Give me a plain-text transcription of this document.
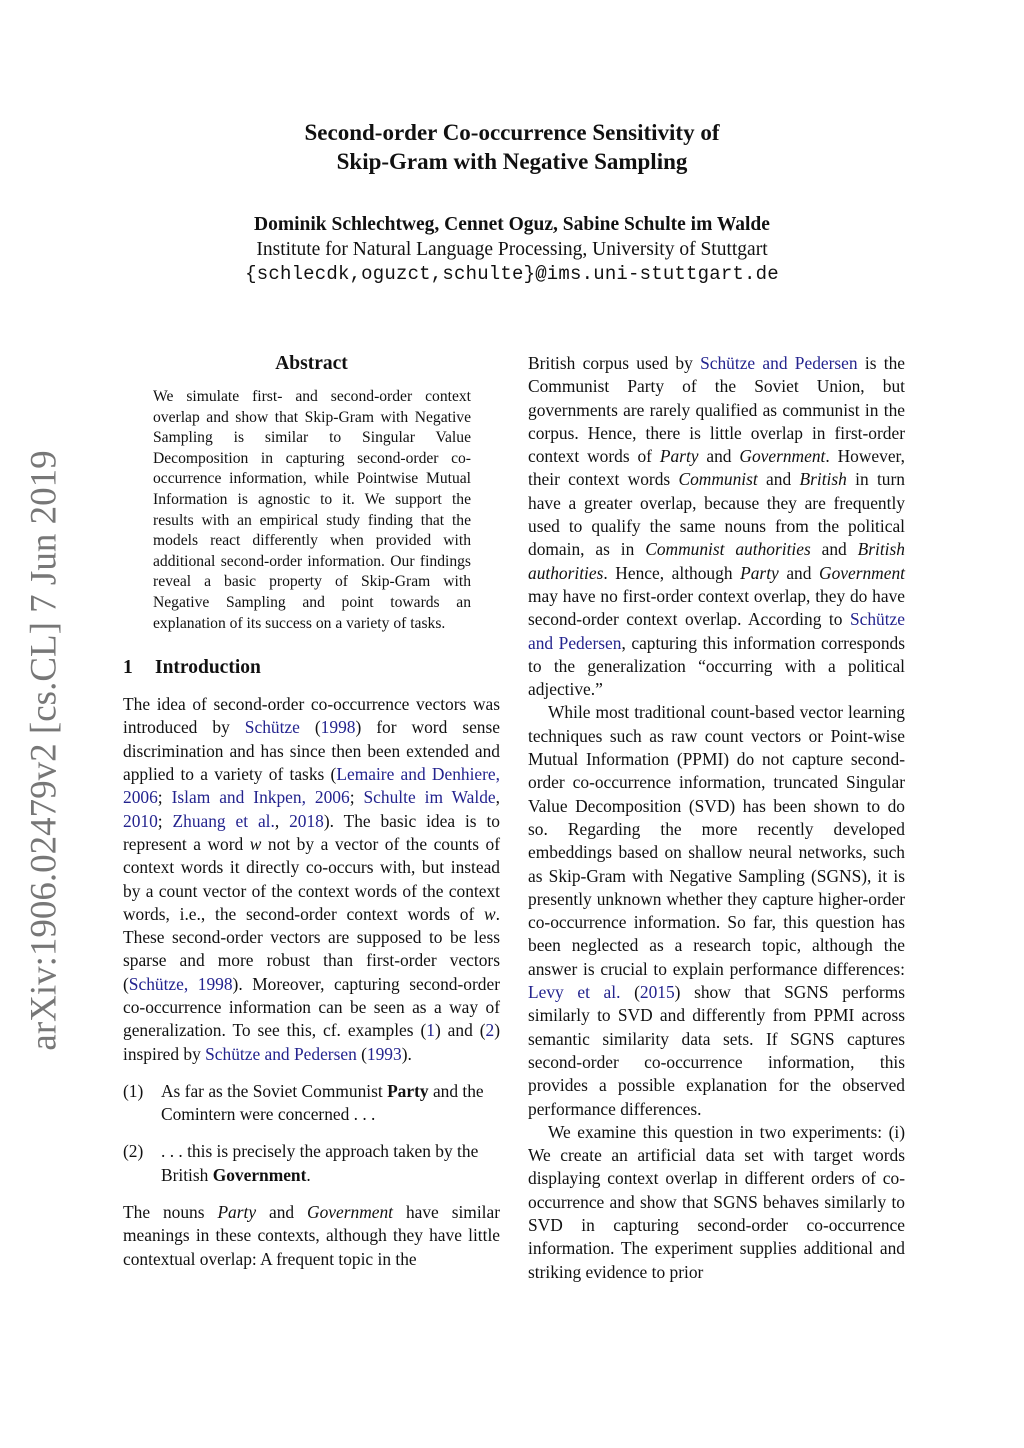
arXiv:1906.02479v2 [cs.CL] 7 Jun 2019
Second-order Co-occurrence Sensitivity of
Skip-Gram with Negative Sampling
Dominik Schlechtweg, Cennet Oguz, Sabine Schulte im Walde
Institute for Natural Language Processing, University of Stuttgart
{schlecdk,oguzct,schulte}@ims.uni-stuttgart.de
Abstract
We simulate first- and second-order context overlap and show that Skip-Gram with Negative Sampling is similar to Singular Value Decomposition in capturing second-order co-occurrence information, while Pointwise Mutual Information is agnostic to it. We support the results with an empirical study finding that the models react differently when provided with additional second-order information. Our findings reveal a basic property of Skip-Gram with Negative Sampling and point towards an explanation of its success on a variety of tasks.
1 Introduction

The idea of second-order co-occurrence vectors was introduced by Schütze (1998) for word sense discrimination and has since then been extended and applied to a variety of tasks (Lemaire and Denhiere, 2006; Islam and Inkpen, 2006; Schulte im Walde, 2010; Zhuang et al., 2018). The basic idea is to represent a word w not by a vector of the counts of context words it directly co-occurs with, but instead by a count vector of the context words of the context words, i.e., the second-order context words of w. These second-order vectors are supposed to be less sparse and more robust than first-order vectors (Schütze, 1998). Moreover, capturing second-order co-occurrence information can be seen as a way of generalization. To see this, cf. examples (1) and (2) inspired by Schütze and Pedersen (1993).

(1)	As far as the Soviet Communist Party and the Comintern were concerned . . .
(2)	. . . this is precisely the approach taken by the British Government.

The nouns Party and Government have similar meanings in these contexts, although they have little contextual overlap: A frequent topic in the

British corpus used by Schütze and Pedersen is the Communist Party of the Soviet Union, but governments are rarely qualified as communist in the corpus. Hence, there is little overlap in first-order context words of Party and Government. However, their context words Communist and British in turn have a greater overlap, because they are frequently used to qualify the same nouns from the political domain, as in Communist authorities and British authorities. Hence, although Party and Government may have no first-order context overlap, they do have second-order context overlap. According to Schütze and Pedersen, capturing this information corresponds to the generalization “occurring with a political adjective.”

While most traditional count-based vector learning techniques such as raw count vectors or Point-wise Mutual Information (PPMI) do not capture second-order co-occurrence information, truncated Singular Value Decomposition (SVD) has been shown to do so. Regarding the more recently developed embeddings based on shallow neural networks, such as Skip-Gram with Negative Sampling (SGNS), it is presently unknown whether they capture higher-order co-occurrence information. So far, this question has been neglected as a research topic, although the answer is crucial to explain performance differences: Levy et al. (2015) show that SGNS performs similarly to SVD and differently from PPMI across semantic similarity data sets. If SGNS captures second-order co-occurrence information, this provides a possible explanation for the observed performance differences.

We examine this question in two experiments: (i) We create an artificial data set with target words displaying context overlap in different orders of co-occurrence and show that SGNS behaves similarly to SVD in capturing second-order co-occurrence information. The experiment supplies additional and striking evidence to prior
